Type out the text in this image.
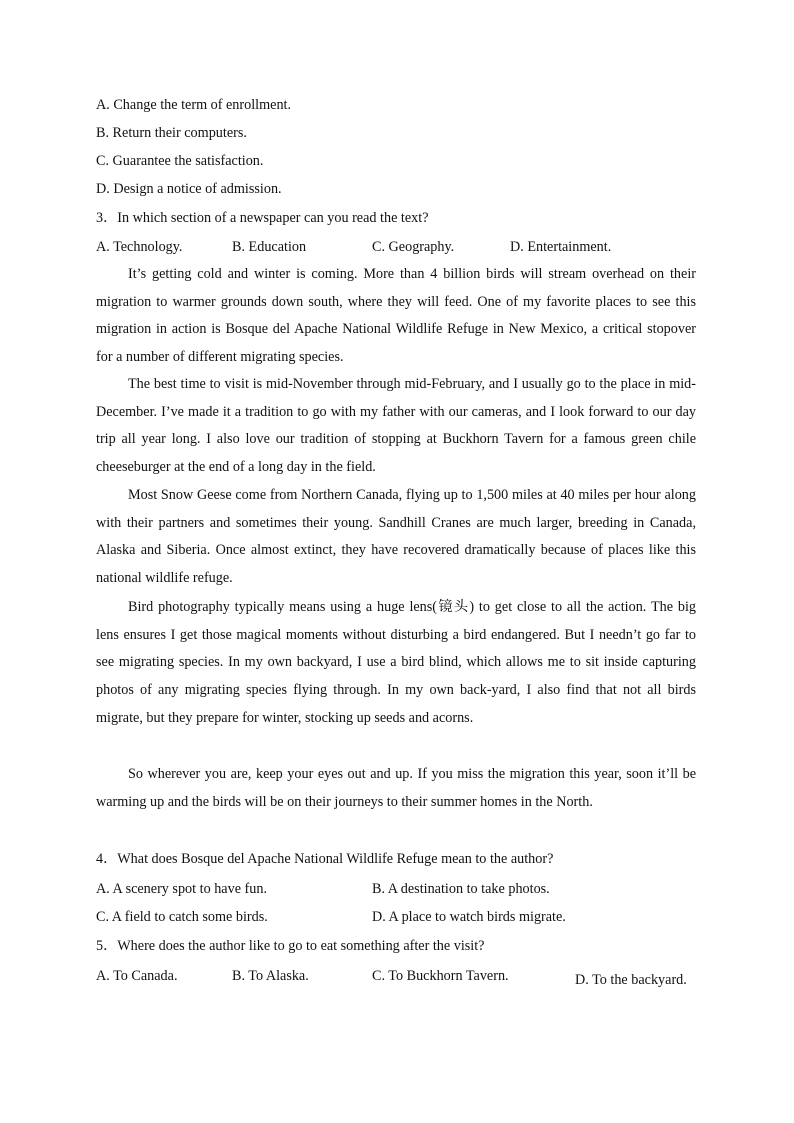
A. Change the term of enrollment.
B. Return their computers.
C. Guarantee the satisfaction.
D. Design a notice of admission.
3．In which section of a newspaper can you read the text?
A. Technology.	B. Education	C. Geography.	D. Entertainment.
It’s getting cold and winter is coming. More than 4 billion birds will stream overhead on their migration to warmer grounds down south, where they will feed. One of my favorite places to see this migration in action is Bosque del Apache National Wildlife Refuge in New Mexico, a critical stopover for a number of different migrating species.
The best time to visit is mid-November through mid-February, and I usually go to the place in mid-December. I’ve made it a tradition to go with my father with our cameras, and I look forward to our day trip all year long. I also love our tradition of stopping at Buckhorn Tavern for a famous green chile cheeseburger at the end of a long day in the field.
Most Snow Geese come from Northern Canada, flying up to 1,500 miles at 40 miles per hour along with their partners and sometimes their young. Sandhill Cranes are much larger, breeding in Canada, Alaska and Siberia. Once almost extinct, they have recovered dramatically because of places like this national wildlife refuge.
Bird photography typically means using a huge lens(镜头) to get close to all the action. The big lens ensures I get those magical moments without disturbing a bird endangered. But I needn’t go far to see migrating species. In my own backyard, I use a bird blind, which allows me to sit inside capturing photos of any migrating species flying through. In my own back-yard, I also find that not all birds migrate, but they prepare for winter, stocking up seeds and acorns.
So wherever you are, keep your eyes out and up. If you miss the migration this year, soon it’ll be warming up and the birds will be on their journeys to their summer homes in the North.
4．What does Bosque del Apache National Wildlife Refuge mean to the author?
A. A scenery spot to have fun.	B. A destination to take photos.
C. A field to catch some birds.	D. A place to watch birds migrate.
5．Where does the author like to go to eat something after the visit?
A. To Canada.	B. To Alaska.	C. To Buckhorn Tavern.	D. To the backyard.
